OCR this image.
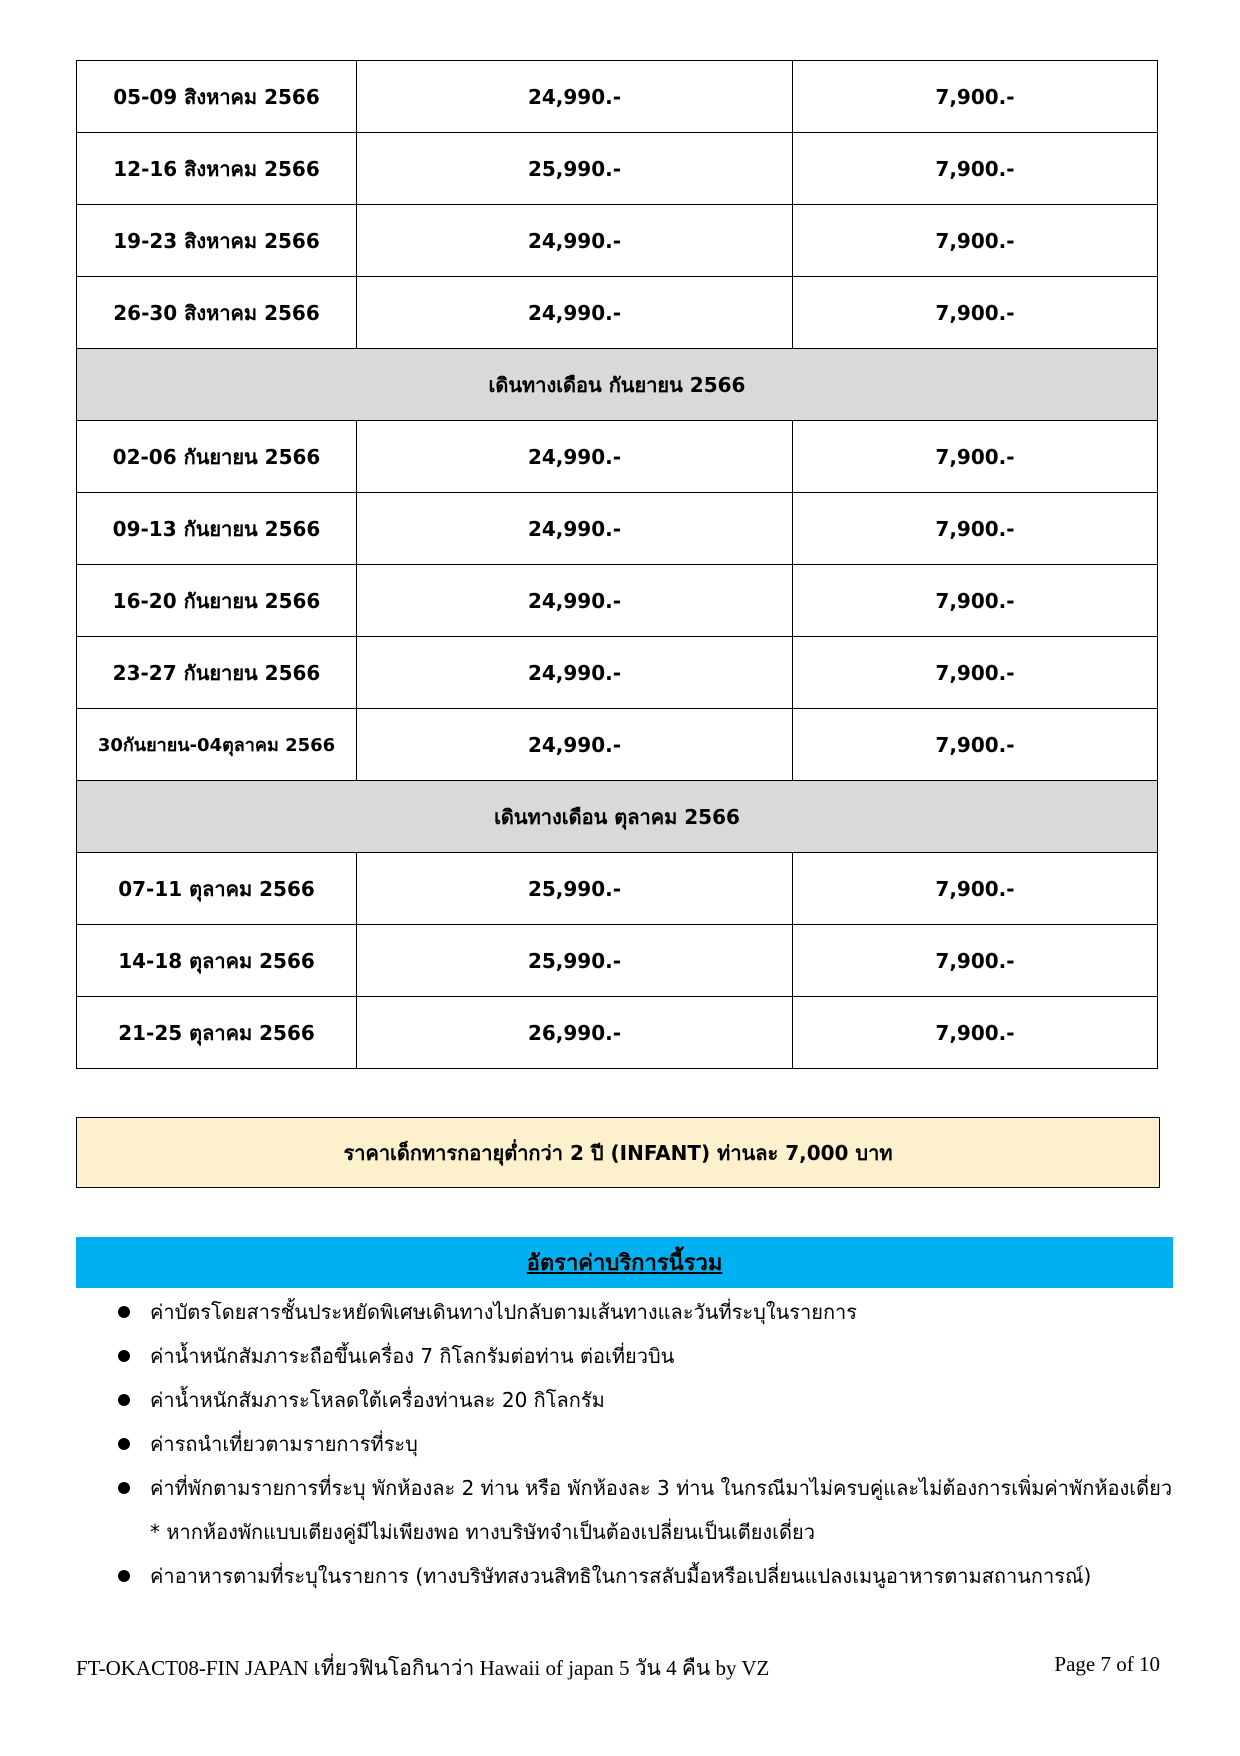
05-09 สิงหาคม 2566	24,990.-	7,900.-
12-16 สิงหาคม 2566	25,990.-	7,900.-
19-23 สิงหาคม 2566	24,990.-	7,900.-
26-30 สิงหาคม 2566	24,990.-	7,900.-
เดินทางเดือน กันยายน 2566		
02-06 กันยายน 2566	24,990.-	7,900.-
09-13 กันยายน 2566	24,990.-	7,900.-
16-20 กันยายน 2566	24,990.-	7,900.-
23-27 กันยายน 2566	24,990.-	7,900.-
30กันยายน-04ตุลาคม 2566	24,990.-	7,900.-
เดินทางเดือน ตุลาคม 2566		
07-11 ตุลาคม 2566	25,990.-	7,900.-
14-18 ตุลาคม 2566	25,990.-	7,900.-
21-25 ตุลาคม 2566	26,990.-	7,900.-
ราคาเด็กทารกอายุต่ำกว่า 2 ปี (INFANT) ท่านละ 7,000 บาท
อัตราค่าบริการนี้รวม
ค่าบัตรโดยสารชั้นประหยัดพิเศษเดินทางไปกลับตามเส้นทางและวันที่ระบุในรายการ
ค่าน้ำหนักสัมภาระถือขึ้นเครื่อง 7 กิโลกรัมต่อท่าน ต่อเที่ยวบิน
ค่าน้ำหนักสัมภาระโหลดใต้เครื่องท่านละ 20 กิโลกรัม
ค่ารถนำเที่ยวตามรายการที่ระบุ
ค่าที่พักตามรายการที่ระบุ พักห้องละ 2 ท่าน หรือ พักห้องละ 3 ท่าน ในกรณีมาไม่ครบคู่และไม่ต้องการเพิ่มค่าพักห้องเดี่ยว * หากห้องพักแบบเตียงคู่มีไม่เพียงพอ ทางบริษัทจำเป็นต้องเปลี่ยนเป็นเตียงเดี่ยว
ค่าอาหารตามที่ระบุในรายการ (ทางบริษัทสงวนสิทธิในการสลับมื้อหรือเปลี่ยนแปลงเมนูอาหารตามสถานการณ์)
FT-OKACT08-FIN JAPAN เที่ยวฟินโอกินาว่า Hawaii of japan 5 วัน 4 คืน by VZ	Page 7 of 10
